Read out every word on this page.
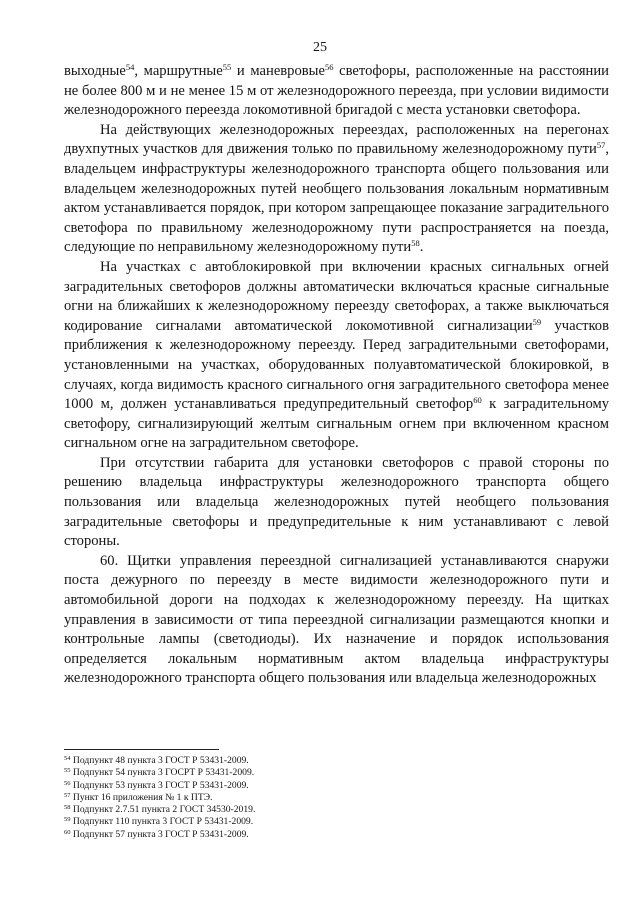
25

выходные$^{54}$, маршрутные$^{55}$ и маневровые$^{56}$ светофоры, расположенные на расстоянии не более 800 м и не менее 15 м от железнодорожного переезда, при условии видимости железнодорожного переезда локомотивной бригадой с места установки светофора.

На действующих железнодорожных переездах, расположенных на перегонах двухпутных участков для движения только по правильному железнодорожному пути$^{57}$, владельцем инфраструктуры железнодорожного транспорта общего пользования или владельцем железнодорожных путей необщего пользования локальным нормативным актом устанавливается порядок, при котором запрещающее показание заградительного светофора по правильному железнодорожному пути распространяется на поезда, следующие по неправильному железнодорожному пути$^{58}$.

На участках с автоблокировкой при включении красных сигнальных огней заградительных светофоров должны автоматически включаться красные сигнальные огни на ближайших к железнодорожному переезду светофорах, а также выключаться кодирование сигналами автоматической локомотивной сигнализации$^{59}$ участков приближения к железнодорожному переезду. Перед заградительными светофорами, установленными на участках, оборудованных полуавтоматической блокировкой, в случаях, когда видимость красного сигнального огня заградительного светофора менее 1000 м, должен устанавливаться предупредительный светофор$^{60}$ к заградительному светофору, сигнализирующий желтым сигнальным огнем при включенном красном сигнальном огне на заградительном светофоре.

При отсутствии габарита для установки светофоров с правой стороны по решению владельца инфраструктуры железнодорожного транспорта общего пользования или владельца железнодорожных путей необщего пользования заградительные светофоры и предупредительные к ним устанавливают с левой стороны.

60. Щитки управления переездной сигнализацией устанавливаются снаружи поста дежурного по переезду в месте видимости железнодорожного пути и автомобильной дороги на подходах к железнодорожному переезду. На щитках управления в зависимости от типа переездной сигнализации размещаются кнопки и контрольные лампы (светодиоды). Их назначение и порядок использования определяется локальным нормативным актом владельца инфраструктуры железнодорожного транспорта общего пользования или владельца железнодорожных

$^{54}$ Подпункт 48 пункта 3 ГОСТ Р 53431-2009.
$^{55}$ Подпункт 54 пункта 3 ГОСРТ Р 53431-2009.
$^{56}$ Подпункт 53 пункта 3 ГОСТ Р 53431-2009.
$^{57}$ Пункт 16 приложения № 1 к ПТЭ.
$^{58}$ Подпункт 2.7.51 пункта 2 ГОСТ 34530-2019.
$^{59}$ Подпункт 110 пункта 3 ГОСТ Р 53431-2009.
$^{60}$ Подпункт 57 пункта 3 ГОСТ Р 53431-2009.
